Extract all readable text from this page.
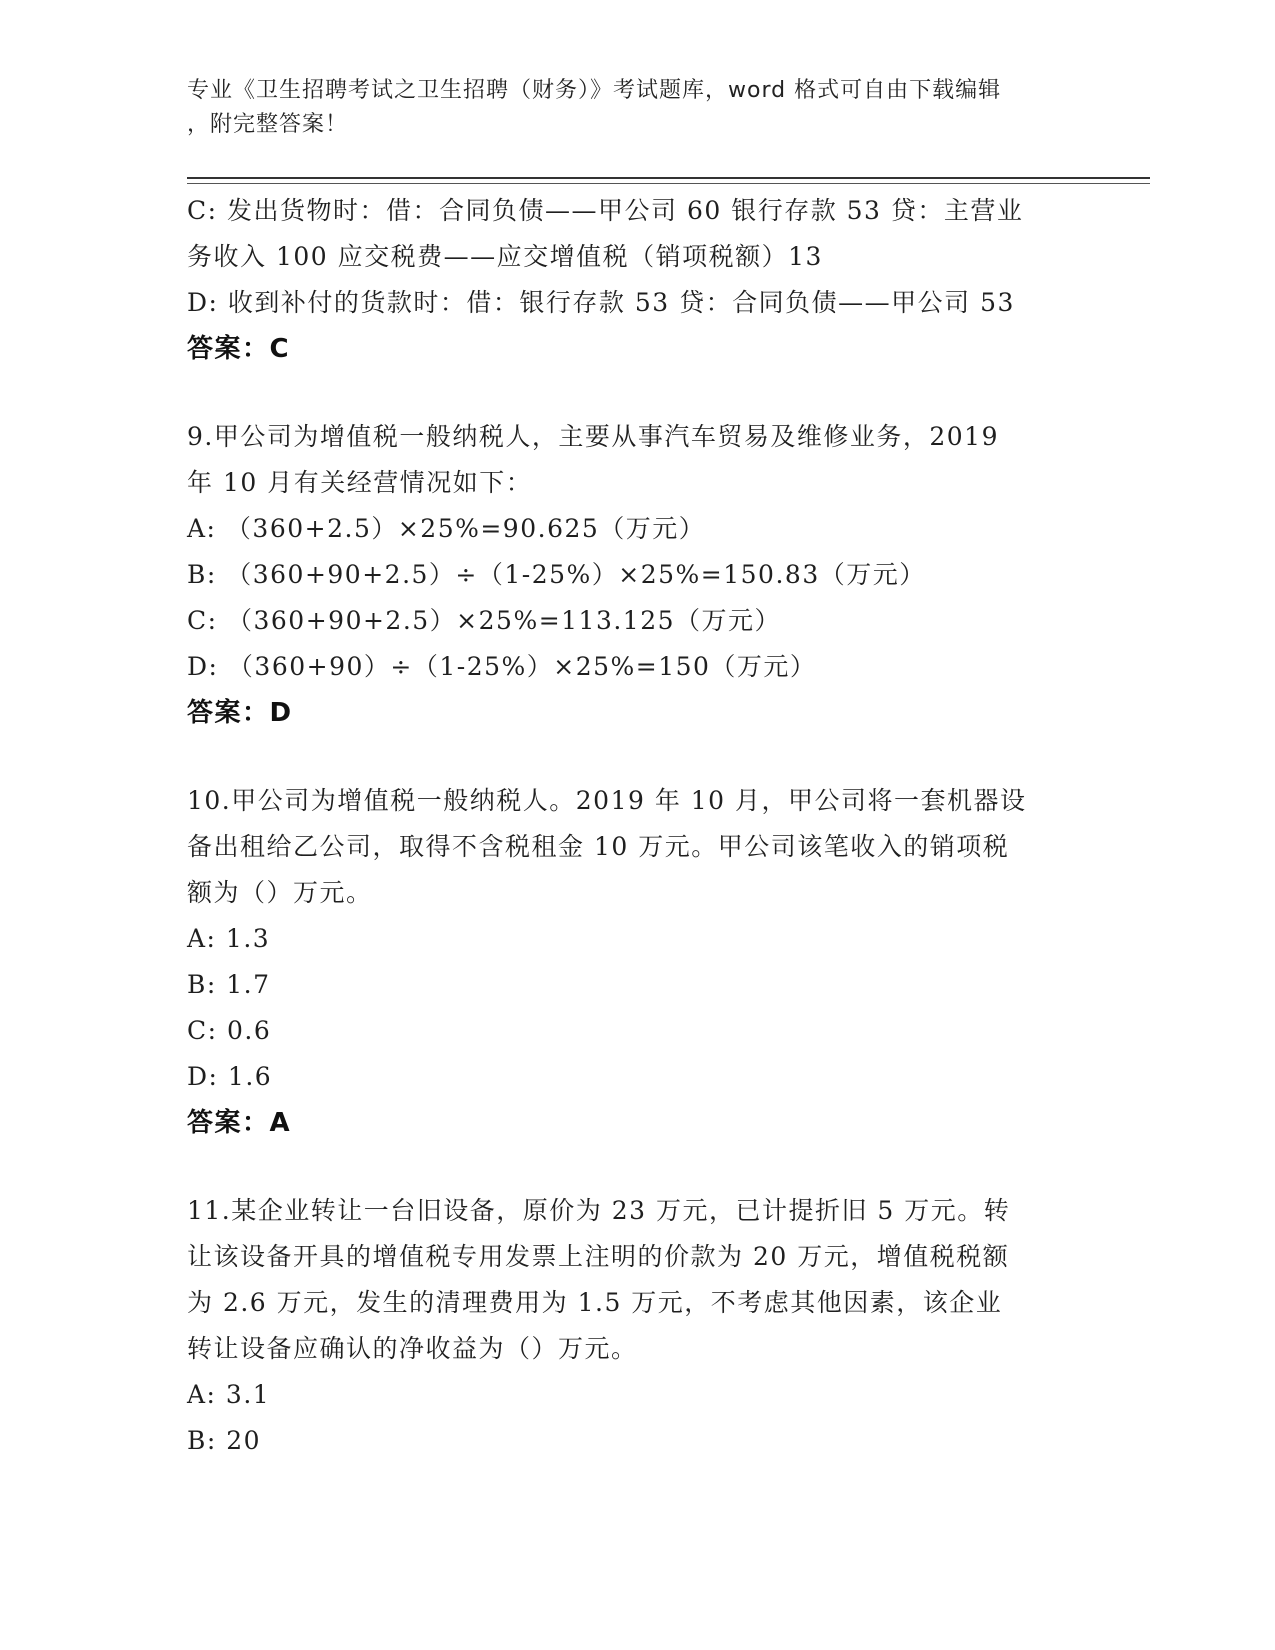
专业《卫生招聘考试之卫生招聘（财务）》考试题库，word 格式可自由下载编辑
，附完整答案！
C: 发出货物时：借：合同负债——甲公司 60 银行存款 53 贷：主营业
务收入 100 应交税费——应交增值税（销项税额）13
D: 收到补付的货款时：借：银行存款 53 贷：合同负债——甲公司 53
答案：C
9.甲公司为增值税一般纳税人，主要从事汽车贸易及维修业务，2019
年 10 月有关经营情况如下：
A: （360+2.5）×25%=90.625（万元）
B: （360+90+2.5）÷（1-25%）×25%=150.83（万元）
C: （360+90+2.5）×25%=113.125（万元）
D: （360+90）÷（1-25%）×25%=150（万元）
答案：D
10.甲公司为增值税一般纳税人。2019 年 10 月，甲公司将一套机器设
备出租给乙公司，取得不含税租金 10 万元。甲公司该笔收入的销项税
额为（）万元。
A: 1.3
B: 1.7
C: 0.6
D: 1.6
答案：A
11.某企业转让一台旧设备，原价为 23 万元，已计提折旧 5 万元。转
让该设备开具的增值税专用发票上注明的价款为 20 万元，增值税税额
为 2.6 万元，发生的清理费用为 1.5 万元，不考虑其他因素，该企业
转让设备应确认的净收益为（）万元。
A: 3.1
B: 20
